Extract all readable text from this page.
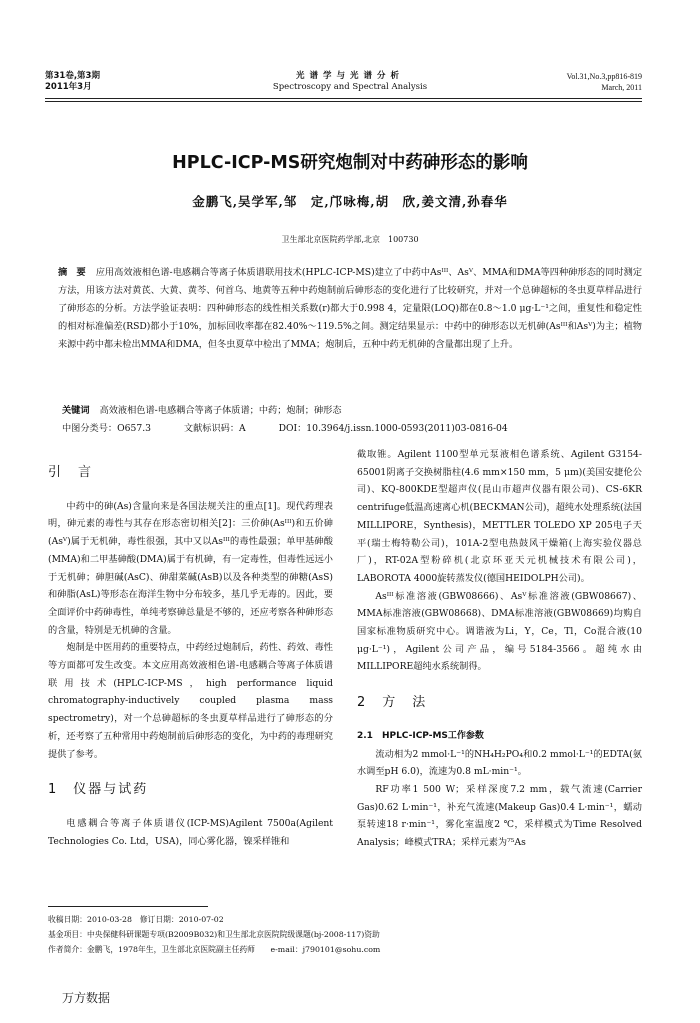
第31卷,第3期
2011年3月
光谱学与光谱分析
Spectroscopy and Spectral Analysis
Vol.31,No.3,pp816-819
March, 2011
HPLC-ICP-MS研究炮制对中药砷形态的影响
金鹏飞,吴学军,邹　定,邝咏梅,胡　欣,姜文清,孙春华
卫生部北京医院药学部,北京　100730
摘　要 应用高效液相色谱-电感耦合等离子体质谱联用技术(HPLC-ICP-MS)建立了中药中Asᴵᴵᴵ、Asⱽ、MMA和DMA等四种砷形态的同时测定方法，用该方法对黄芪、大黄、黄芩、何首乌、地黄等五种中药炮制前后砷形态的变化进行了比较研究，并对一个总砷超标的冬虫夏草样品进行了砷形态的分析。方法学验证表明：四种砷形态的线性相关系数(r)都大于0.998 4，定量限(LOQ)都在0.8～1.0 μg·L⁻¹之间，重复性和稳定性的相对标准偏差(RSD)都小于10%，加标回收率都在82.40%～119.5%之间。测定结果显示：中药中的砷形态以无机砷(Asᴵᴵᴵ和Asⱽ)为主；植物来源中药中都未检出MMA和DMA，但冬虫夏草中检出了MMA；炮制后，五种中药无机砷的含量都出现了上升。
关键词 高效液相色谱-电感耦合等离子体质谱；中药；炮制；砷形态
中图分类号：O657.3	文献标识码：A	DOI：10.3964/j.issn.1000-0593(2011)03-0816-04
引　言

中药中的砷(As)含量向来是各国法规关注的重点[1]。现代药理表明，砷元素的毒性与其存在形态密切相关[2]：三价砷(Asᴵᴵᴵ)和五价砷(Asⱽ)属于无机砷，毒性很强，其中又以Asᴵᴵᴵ的毒性最强；单甲基砷酸(MMA)和二甲基砷酸(DMA)属于有机砷，有一定毒性，但毒性远远小于无机砷；砷胆碱(AsC)、砷甜菜碱(AsB)以及各种类型的砷糖(AsS)和砷脂(AsL)等形态在海洋生物中分布较多，基几乎无毒的。因此，要全面评价中药砷毒性，单纯考察砷总量是不够的，还应考察各种砷形态的含量，特别是无机砷的含量。

炮制是中医用药的重要特点，中药经过炮制后，药性、药效、毒性等方面都可发生改变。本文应用高效液相色谱-电感耦合等离子体质谱联用技术(HPLC-ICP-MS，high performance liquid chromatography-inductively coupled plasma mass spectrometry)，对一个总砷超标的冬虫夏草样品进行了砷形态的分析，还考察了五种常用中药炮制前后砷形态的变化，为中药的毒理研究提供了参考。

1　仪器与试药

电感耦合等离子体质谱仪(ICP-MS)Agilent 7500a(Agilent Technologies Co. Ltd，USA)，同心雾化器，镍采样锥和

截取锥。Agilent 1100型单元泵液相色谱系统、Agilent G3154-65001阴离子交换树脂柱(4.6 mm×150 mm，5 μm)(美国安捷伦公司)、KQ-800KDE型超声仪(昆山市超声仪器有限公司)、CS-6KR centrifuge低温高速离心机(BECKMAN公司)，超纯水处理系统(法国MILLIPORE，Synthesis)，METTLER TOLEDO XP 205电子天平(瑞士梅特勒公司)，101A-2型电热鼓风干燥箱(上海实验仪器总厂)，RT-02A型粉碎机(北京环亚天元机械技术有限公司)，LABOROTA 4000旋转蒸发仪(德国HEIDOLPH公司)。

Asᴵᴵᴵ标准溶液(GBW08666)、Asⱽ标准溶液(GBW08667)、MMA标准溶液(GBW08668)、DMA标准溶液(GBW08669)均购自国家标准物质研究中心。调谐液为Li，Y，Ce，Tl，Co混合液(10 μg·L⁻¹)，Agilent公司产品，编号5184-3566。超纯水由MILLIPORE超纯水系统制得。

2　方　法
2.1　HPLC-ICP-MS工作参数

流动相为2 mmol·L⁻¹的NH₄H₂PO₄和0.2 mmol·L⁻¹的EDTA(氨水调至pH 6.0)，流速为0.8 mL·min⁻¹。

RF功率1 500 W；采样深度7.2 mm，载气流速(Carrier Gas)0.62 L·min⁻¹，补充气流速(Makeup Gas)0.4 L·min⁻¹，蠕动泵转速18 r·min⁻¹，雾化室温度2 ℃，采样模式为Time Resolved Analysis；峰模式TRA；采样元素为⁷⁵As

收稿日期：2010-03-28　修订日期：2010-07-02
基金项目：中央保健科研课题专项(B2009B032)和卫生部北京医院院级课题(bj-2008-117)资助
作者简介：金鹏飞，1978年生，卫生部北京医院副主任药师　　e-mail：j790101@sohu.com
万方数据
